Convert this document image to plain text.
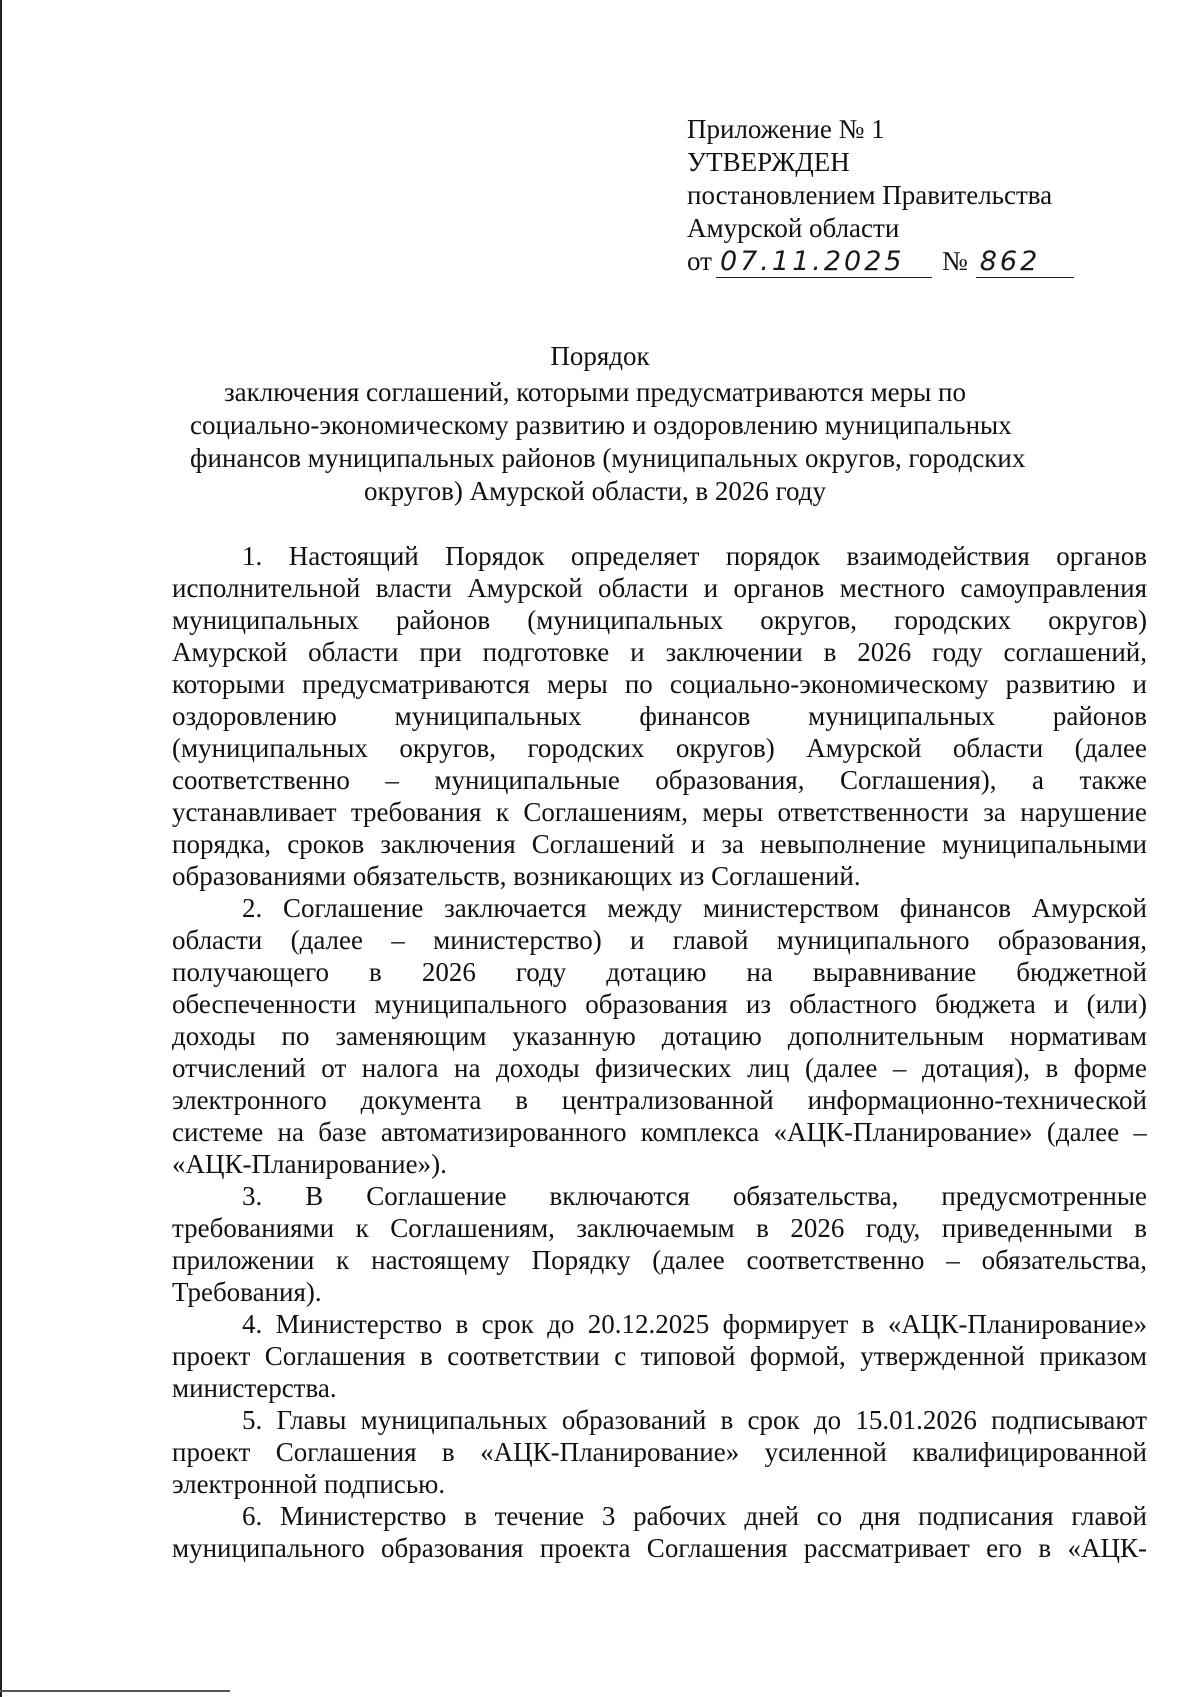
Приложение № 1
УТВЕРЖДЕН
постановлением Правительства
Амурской области
от 07.11.2025	№ 862
Порядок
заключения соглашений, которыми предусматриваются меры по
социально-экономическому развитию и оздоровлению муниципальных
финансов муниципальных районов (муниципальных округов, городских
округов) Амурской области, в 2026 году
1. Настоящий Порядок определяет порядок взаимодействия органов
исполнительной власти Амурской области и органов местного самоуправления
муниципальных районов (муниципальных округов, городских округов)
Амурской области при подготовке и заключении в 2026 году соглашений,
которыми предусматриваются меры по социально-экономическому развитию и
оздоровлению муниципальных финансов муниципальных районов
(муниципальных округов, городских округов) Амурской области (далее
соответственно – муниципальные образования, Соглашения), а также
устанавливает требования к Соглашениям, меры ответственности за нарушение
порядка, сроков заключения Соглашений и за невыполнение муниципальными
образованиями обязательств, возникающих из Соглашений.
2. Соглашение заключается между министерством финансов Амурской
области (далее – министерство) и главой муниципального образования,
получающего в 2026 году дотацию на выравнивание бюджетной
обеспеченности муниципального образования из областного бюджета и (или)
доходы по заменяющим указанную дотацию дополнительным нормативам
отчислений от налога на доходы физических лиц (далее – дотация), в форме
электронного документа в централизованной информационно-технической
системе на базе автоматизированного комплекса «АЦК-Планирование» (далее –
«АЦК-Планирование»).
3. В Соглашение включаются обязательства, предусмотренные
требованиями к Соглашениям, заключаемым в 2026 году, приведенными в
приложении к настоящему Порядку (далее соответственно – обязательства,
Требования).
4. Министерство в срок до 20.12.2025 формирует в «АЦК-Планирование»
проект Соглашения в соответствии с типовой формой, утвержденной приказом
министерства.
5. Главы муниципальных образований в срок до 15.01.2026 подписывают
проект Соглашения в «АЦК-Планирование» усиленной квалифицированной
электронной подписью.
6. Министерство в течение 3 рабочих дней со дня подписания главой
муниципального образования проекта Соглашения рассматривает его в «АЦК-
